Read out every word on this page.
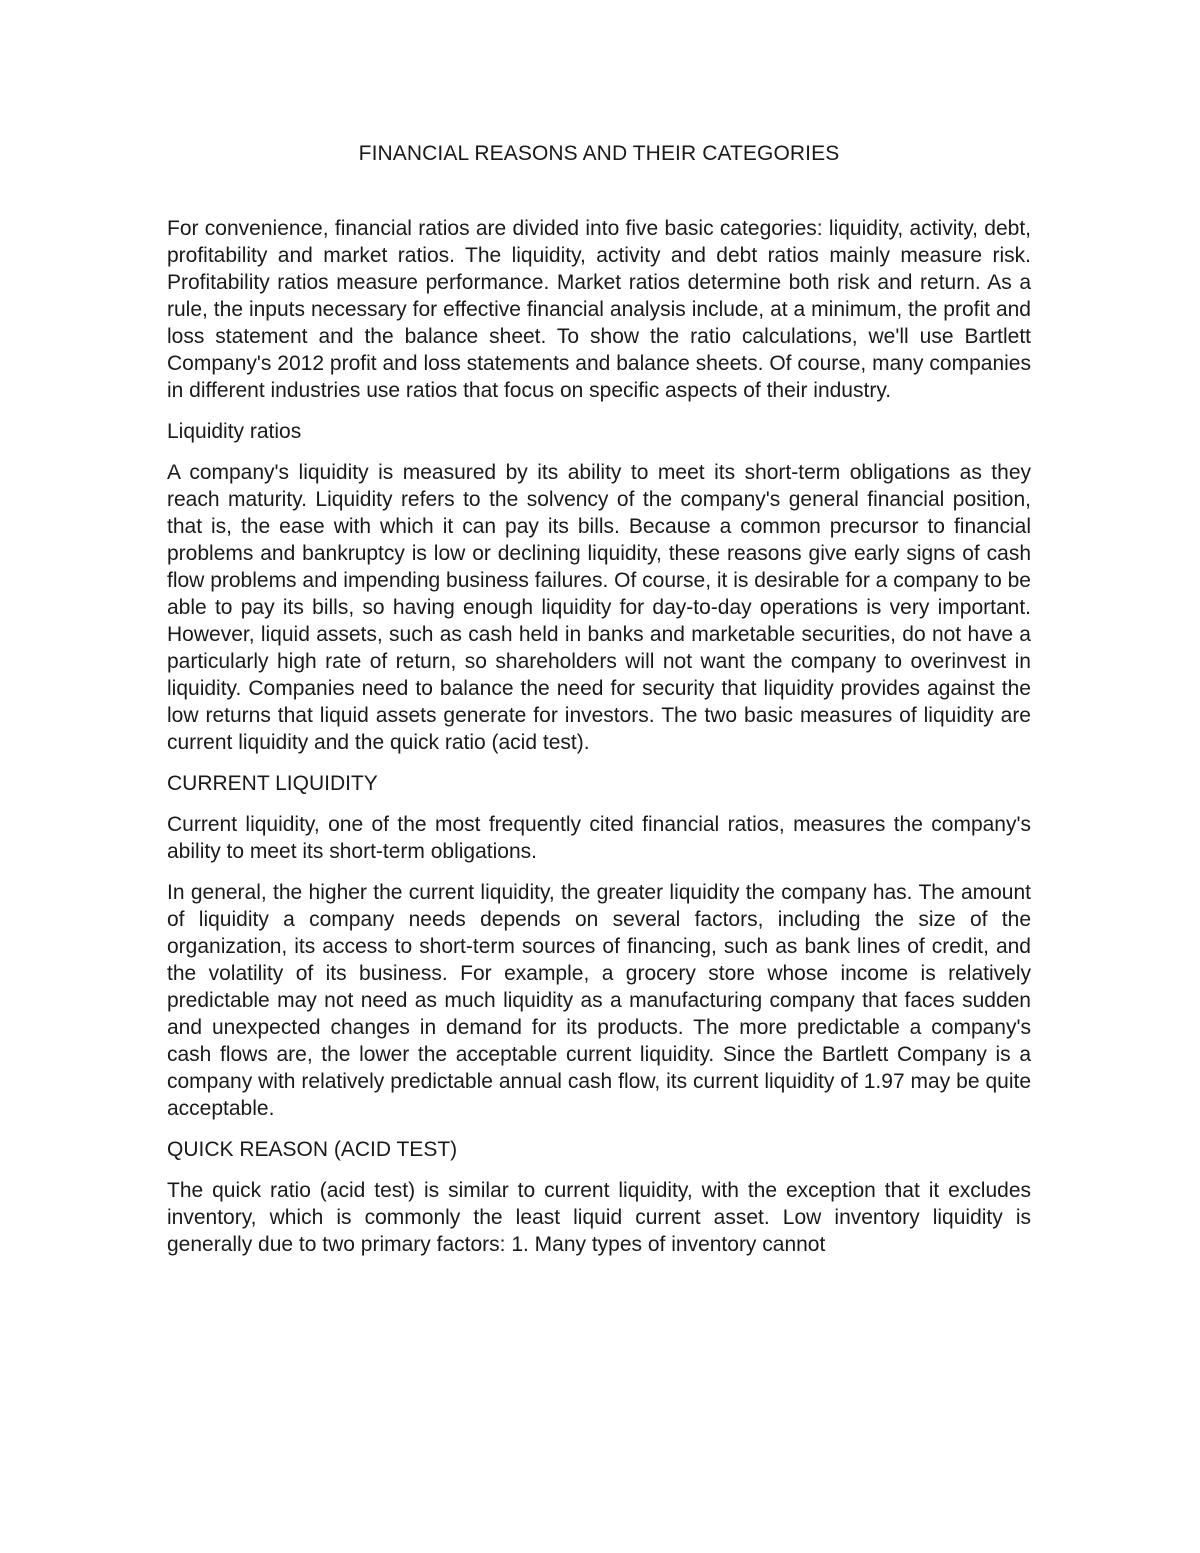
FINANCIAL REASONS AND THEIR CATEGORIES

For convenience, financial ratios are divided into five basic categories: liquidity, activity, debt, profitability and market ratios. The liquidity, activity and debt ratios mainly measure risk. Profitability ratios measure performance. Market ratios determine both risk and return. As a rule, the inputs necessary for effective financial analysis include, at a minimum, the profit and loss statement and the balance sheet. To show the ratio calculations, we'll use Bartlett Company's 2012 profit and loss statements and balance sheets. Of course, many companies in different industries use ratios that focus on specific aspects of their industry.

Liquidity ratios

A company's liquidity is measured by its ability to meet its short-term obligations as they reach maturity. Liquidity refers to the solvency of the company's general financial position, that is, the ease with which it can pay its bills. Because a common precursor to financial problems and bankruptcy is low or declining liquidity, these reasons give early signs of cash flow problems and impending business failures. Of course, it is desirable for a company to be able to pay its bills, so having enough liquidity for day-to-day operations is very important. However, liquid assets, such as cash held in banks and marketable securities, do not have a particularly high rate of return, so shareholders will not want the company to overinvest in liquidity. Companies need to balance the need for security that liquidity provides against the low returns that liquid assets generate for investors. The two basic measures of liquidity are current liquidity and the quick ratio (acid test).

CURRENT LIQUIDITY

Current liquidity, one of the most frequently cited financial ratios, measures the company's ability to meet its short-term obligations.

In general, the higher the current liquidity, the greater liquidity the company has. The amount of liquidity a company needs depends on several factors, including the size of the organization, its access to short-term sources of financing, such as bank lines of credit, and the volatility of its business. For example, a grocery store whose income is relatively predictable may not need as much liquidity as a manufacturing company that faces sudden and unexpected changes in demand for its products. The more predictable a company's cash flows are, the lower the acceptable current liquidity. Since the Bartlett Company is a company with relatively predictable annual cash flow, its current liquidity of 1.97 may be quite acceptable.

QUICK REASON (ACID TEST)

The quick ratio (acid test) is similar to current liquidity, with the exception that it excludes inventory, which is commonly the least liquid current asset. Low inventory liquidity is generally due to two primary factors: 1. Many types of inventory cannot
